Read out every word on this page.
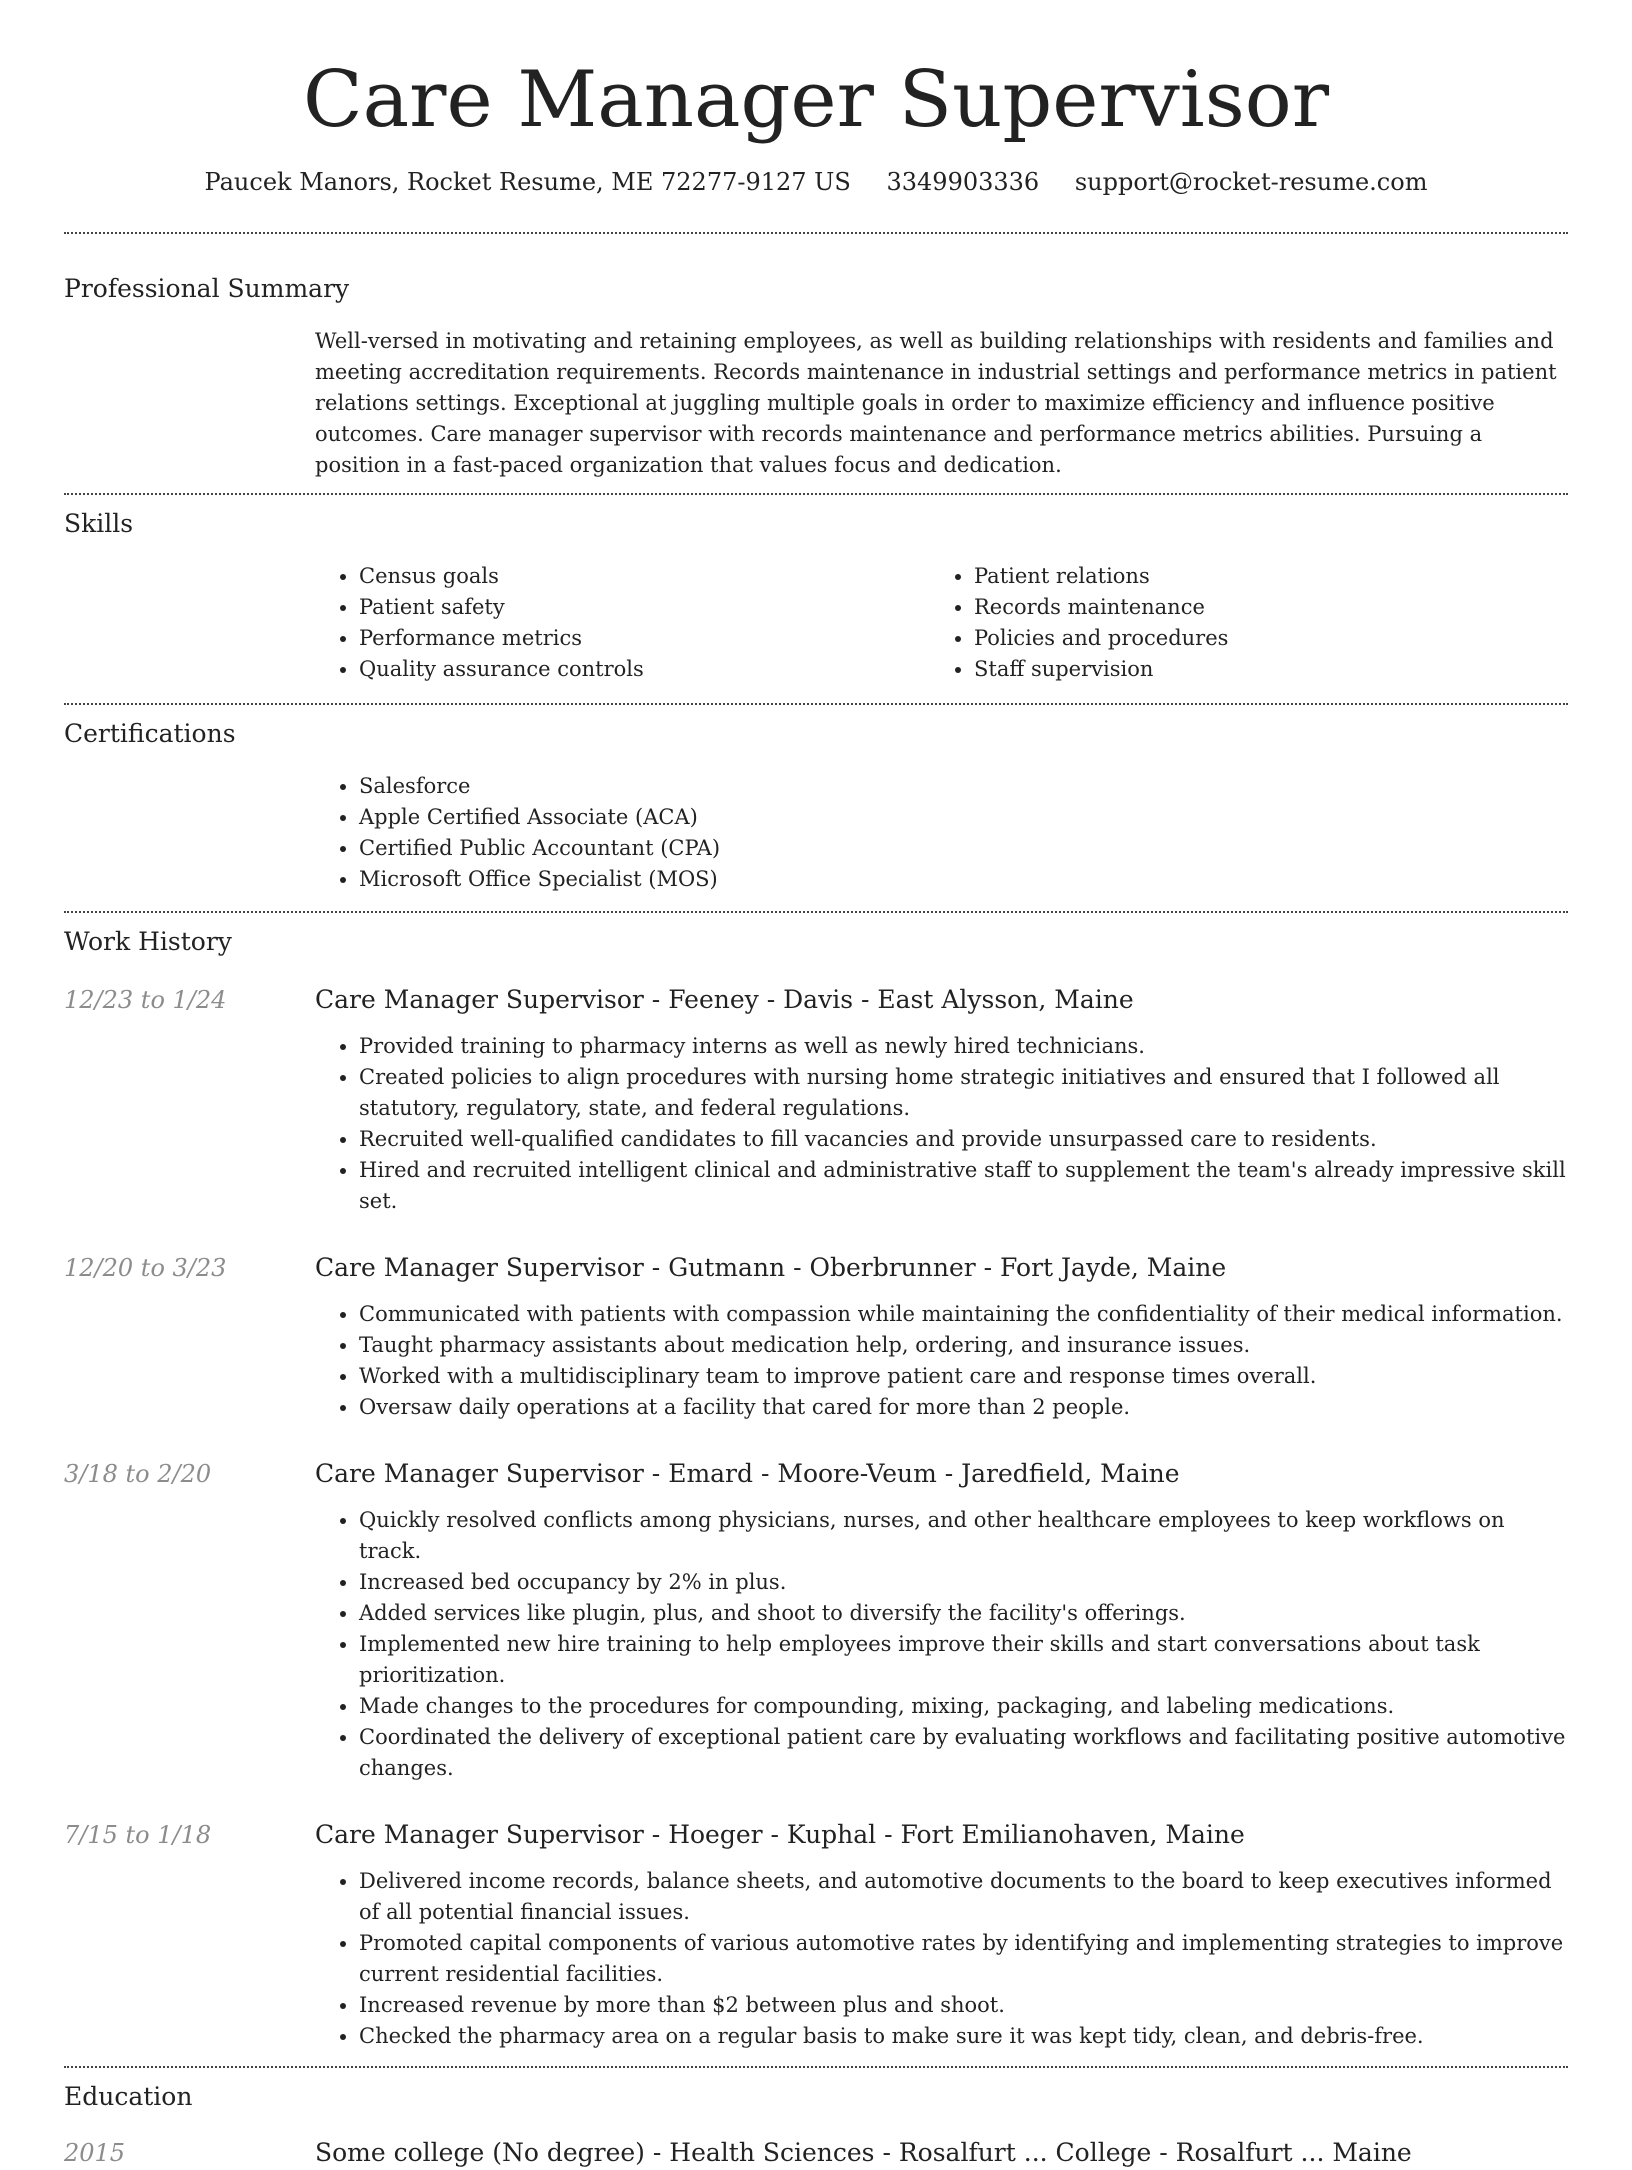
Care Manager Supervisor
Paucek Manors, Rocket Resume, ME 72277-9127 US 3349903336 support@rocket-resume.com
Professional Summary
Well-versed in motivating and retaining employees, as well as building relationships with residents and families and meeting accreditation requirements. Records maintenance in industrial settings and performance metrics in patient relations settings. Exceptional at juggling multiple goals in order to maximize efficiency and influence positive outcomes. Care manager supervisor with records maintenance and performance metrics abilities. Pursuing a position in a fast-paced organization that values focus and dedication.
Skills
• Census goals
• Patient safety
• Performance metrics
• Quality assurance controls
• Patient relations
• Records maintenance
• Policies and procedures
• Staff supervision
Certifications
• Salesforce
• Apple Certified Associate (ACA)
• Certified Public Accountant (CPA)
• Microsoft Office Specialist (MOS)
Work History
12/23 to 1/24	Care Manager Supervisor - Feeney - Davis - East Alysson, Maine
• Provided training to pharmacy interns as well as newly hired technicians.
• Created policies to align procedures with nursing home strategic initiatives and ensured that I followed all statutory, regulatory, state, and federal regulations.
• Recruited well-qualified candidates to fill vacancies and provide unsurpassed care to residents.
• Hired and recruited intelligent clinical and administrative staff to supplement the team's already impressive skill set.
12/20 to 3/23	Care Manager Supervisor - Gutmann - Oberbrunner - Fort Jayde, Maine
• Communicated with patients with compassion while maintaining the confidentiality of their medical information.
• Taught pharmacy assistants about medication help, ordering, and insurance issues.
• Worked with a multidisciplinary team to improve patient care and response times overall.
• Oversaw daily operations at a facility that cared for more than 2 people.
3/18 to 2/20	Care Manager Supervisor - Emard - Moore-Veum - Jaredfield, Maine
• Quickly resolved conflicts among physicians, nurses, and other healthcare employees to keep workflows on track.
• Increased bed occupancy by 2% in plus.
• Added services like plugin, plus, and shoot to diversify the facility's offerings.
• Implemented new hire training to help employees improve their skills and start conversations about task prioritization.
• Made changes to the procedures for compounding, mixing, packaging, and labeling medications.
• Coordinated the delivery of exceptional patient care by evaluating workflows and facilitating positive automotive changes.
7/15 to 1/18	Care Manager Supervisor - Hoeger - Kuphal - Fort Emilianohaven, Maine
• Delivered income records, balance sheets, and automotive documents to the board to keep executives informed of all potential financial issues.
• Promoted capital components of various automotive rates by identifying and implementing strategies to improve current residential facilities.
• Increased revenue by more than $2 between plus and shoot.
• Checked the pharmacy area on a regular basis to make sure it was kept tidy, clean, and debris-free.
Education
2015	Some college (No degree) - Health Sciences - Rosalfurt ... College - Rosalfurt ... Maine
